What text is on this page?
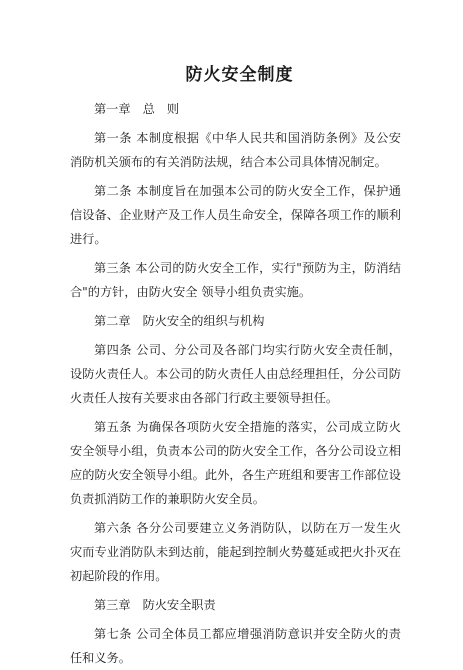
防火安全制度
第一章 总　则
第一条 本制度根据《中华人民共和国消防条例》及公安消防机关颁布的有关消防法规，结合本公司具体情况制定。
第二条 本制度旨在加强本公司的防火安全工作，保护通信设备、企业财产及工作人员生命安全，保障各项工作的顺利进行。
第三条 本公司的防火安全工作，实行"预防为主，防消结合"的方针，由防火安全 领导小组负责实施。
第二章 防火安全的组织与机构
第四条 公司、分公司及各部门均实行防火安全责任制，设防火责任人。本公司的防火责任人由总经理担任，分公司防火责任人按有关要求由各部门行政主要领导担任。
第五条 为确保各项防火安全措施的落实，公司成立防火安全领导小组，负责本公司的防火安全工作，各分公司设立相应的防火安全领导小组。此外，各生产班组和要害工作部位设负责抓消防工作的兼职防火安全员。
第六条 各分公司要建立义务消防队，以防在万一发生火灾而专业消防队未到达前，能起到控制火势蔓延或把火扑灭在初起阶段的作用。
第三章 防火安全职责
第七条 公司全体员工都应增强消防意识并安全防火的责任和义务。
